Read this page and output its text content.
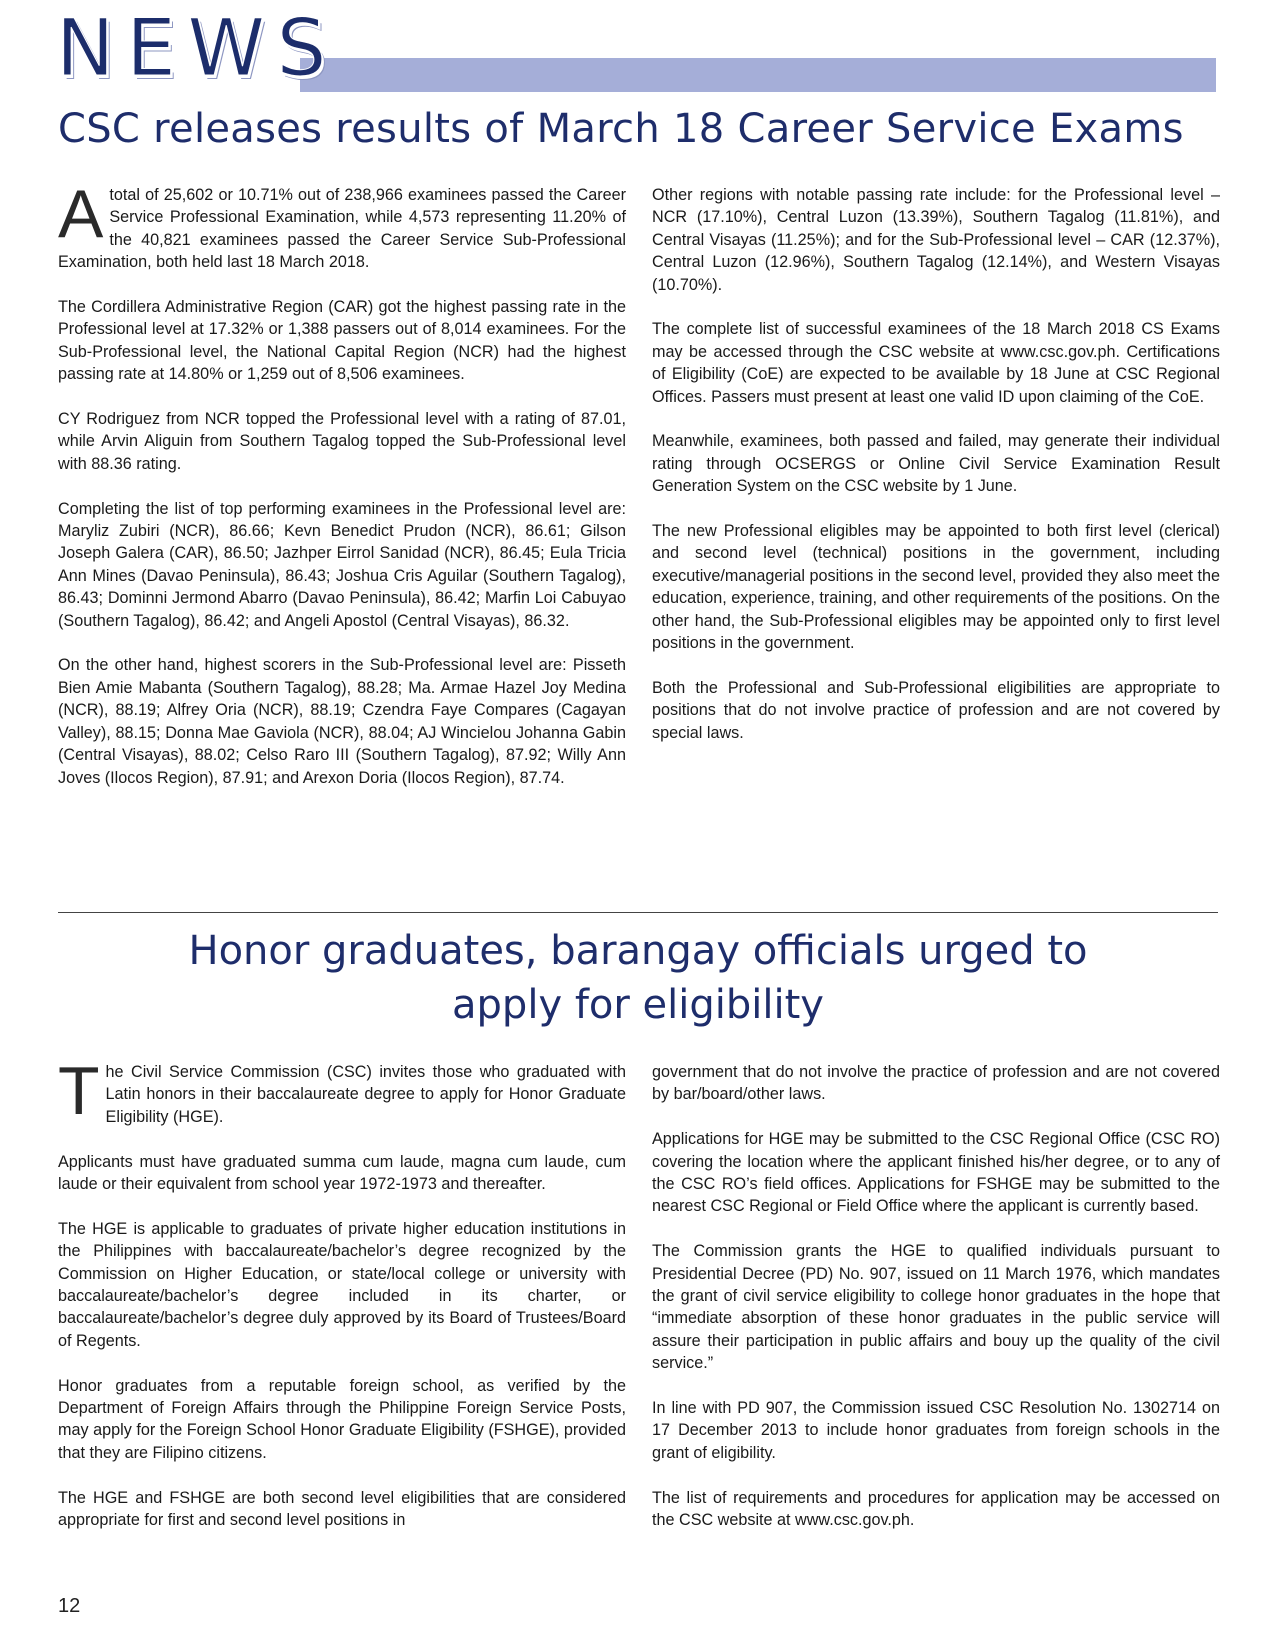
NEWS
CSC releases results of March 18 Career Service Exams

Atotal of 25,602 or 10.71% out of 238,966 examinees passed the Career Service Professional Examination, while 4,573 representing 11.20% of the 40,821 examinees passed the Career Service Sub-Professional Examination, both held last 18 March 2018.

The Cordillera Administrative Region (CAR) got the highest passing rate in the Professional level at 17.32% or 1,388 passers out of 8,014 examinees. For the Sub-Professional level, the National Capital Region (NCR) had the highest passing rate at 14.80% or 1,259 out of 8,506 examinees.

CY Rodriguez from NCR topped the Professional level with a rating of 87.01, while Arvin Aliguin from Southern Tagalog topped the Sub-Professional level with 88.36 rating.

Completing the list of top performing examinees in the Professional level are: Maryliz Zubiri (NCR), 86.66; Kevn Benedict Prudon (NCR), 86.61; Gilson Joseph Galera (CAR), 86.50; Jazhper Eirrol Sanidad (NCR), 86.45; Eula Tricia Ann Mines (Davao Peninsula), 86.43; Joshua Cris Aguilar (Southern Tagalog), 86.43; Dominni Jermond Abarro (Davao Peninsula), 86.42; Marfin Loi Cabuyao (Southern Tagalog), 86.42; and Angeli Apostol (Central Visayas), 86.32.

On the other hand, highest scorers in the Sub-Professional level are: Pisseth Bien Amie Mabanta (Southern Tagalog), 88.28; Ma. Armae Hazel Joy Medina (NCR), 88.19; Alfrey Oria (NCR), 88.19; Czendra Faye Compares (Cagayan Valley), 88.15; Donna Mae Gaviola (NCR), 88.04; AJ Wincielou Johanna Gabin (Central Visayas), 88.02; Celso Raro III (Southern Tagalog), 87.92; Willy Ann Joves (Ilocos Region), 87.91; and Arexon Doria (Ilocos Region), 87.74.

Other regions with notable passing rate include: for the Professional level – NCR (17.10%), Central Luzon (13.39%), Southern Tagalog (11.81%), and Central Visayas (11.25%); and for the Sub-Professional level – CAR (12.37%), Central Luzon (12.96%), Southern Tagalog (12.14%), and Western Visayas (10.70%).

The complete list of successful examinees of the 18 March 2018 CS Exams may be accessed through the CSC website at www.csc.gov.ph. Certifications of Eligibility (CoE) are expected to be available by 18 June at CSC Regional Offices. Passers must present at least one valid ID upon claiming of the CoE.

Meanwhile, examinees, both passed and failed, may generate their individual rating through OCSERGS or Online Civil Service Examination Result Generation System on the CSC website by 1 June.

The new Professional eligibles may be appointed to both first level (clerical) and second level (technical) positions in the government, including executive/managerial positions in the second level, provided they also meet the education, experience, training, and other requirements of the positions. On the other hand, the Sub-Professional eligibles may be appointed only to first level positions in the government.

Both the Professional and Sub-Professional eligibilities are appropriate to positions that do not involve practice of profession and are not covered by special laws.

Honor graduates, barangay officials urged to
apply for eligibility

The Civil Service Commission (CSC) invites those who graduated with Latin honors in their baccalaureate degree to apply for Honor Graduate Eligibility (HGE).

Applicants must have graduated summa cum laude, magna cum laude, cum laude or their equivalent from school year 1972-1973 and thereafter.

The HGE is applicable to graduates of private higher education institutions in the Philippines with baccalaureate/bachelor’s degree recognized by the Commission on Higher Education, or state/local college or university with baccalaureate/bachelor’s degree included in its charter, or baccalaureate/bachelor’s degree duly approved by its Board of Trustees/Board of Regents.

Honor graduates from a reputable foreign school, as verified by the Department of Foreign Affairs through the Philippine Foreign Service Posts, may apply for the Foreign School Honor Graduate Eligibility (FSHGE), provided that they are Filipino citizens.

The HGE and FSHGE are both second level eligibilities that are considered appropriate for first and second level positions in

government that do not involve the practice of profession and are not covered by bar/board/other laws.

Applications for HGE may be submitted to the CSC Regional Office (CSC RO) covering the location where the applicant finished his/her degree, or to any of the CSC RO’s field offices. Applications for FSHGE may be submitted to the nearest CSC Regional or Field Office where the applicant is currently based.

The Commission grants the HGE to qualified individuals pursuant to Presidential Decree (PD) No. 907, issued on 11 March 1976, which mandates the grant of civil service eligibility to college honor graduates in the hope that “immediate absorption of these honor graduates in the public service will assure their participation in public affairs and bouy up the quality of the civil service.”

In line with PD 907, the Commission issued CSC Resolution No. 1302714 on 17 December 2013 to include honor graduates from foreign schools in the grant of eligibility.

The list of requirements and procedures for application may be accessed on the CSC website at www.csc.gov.ph.

12
